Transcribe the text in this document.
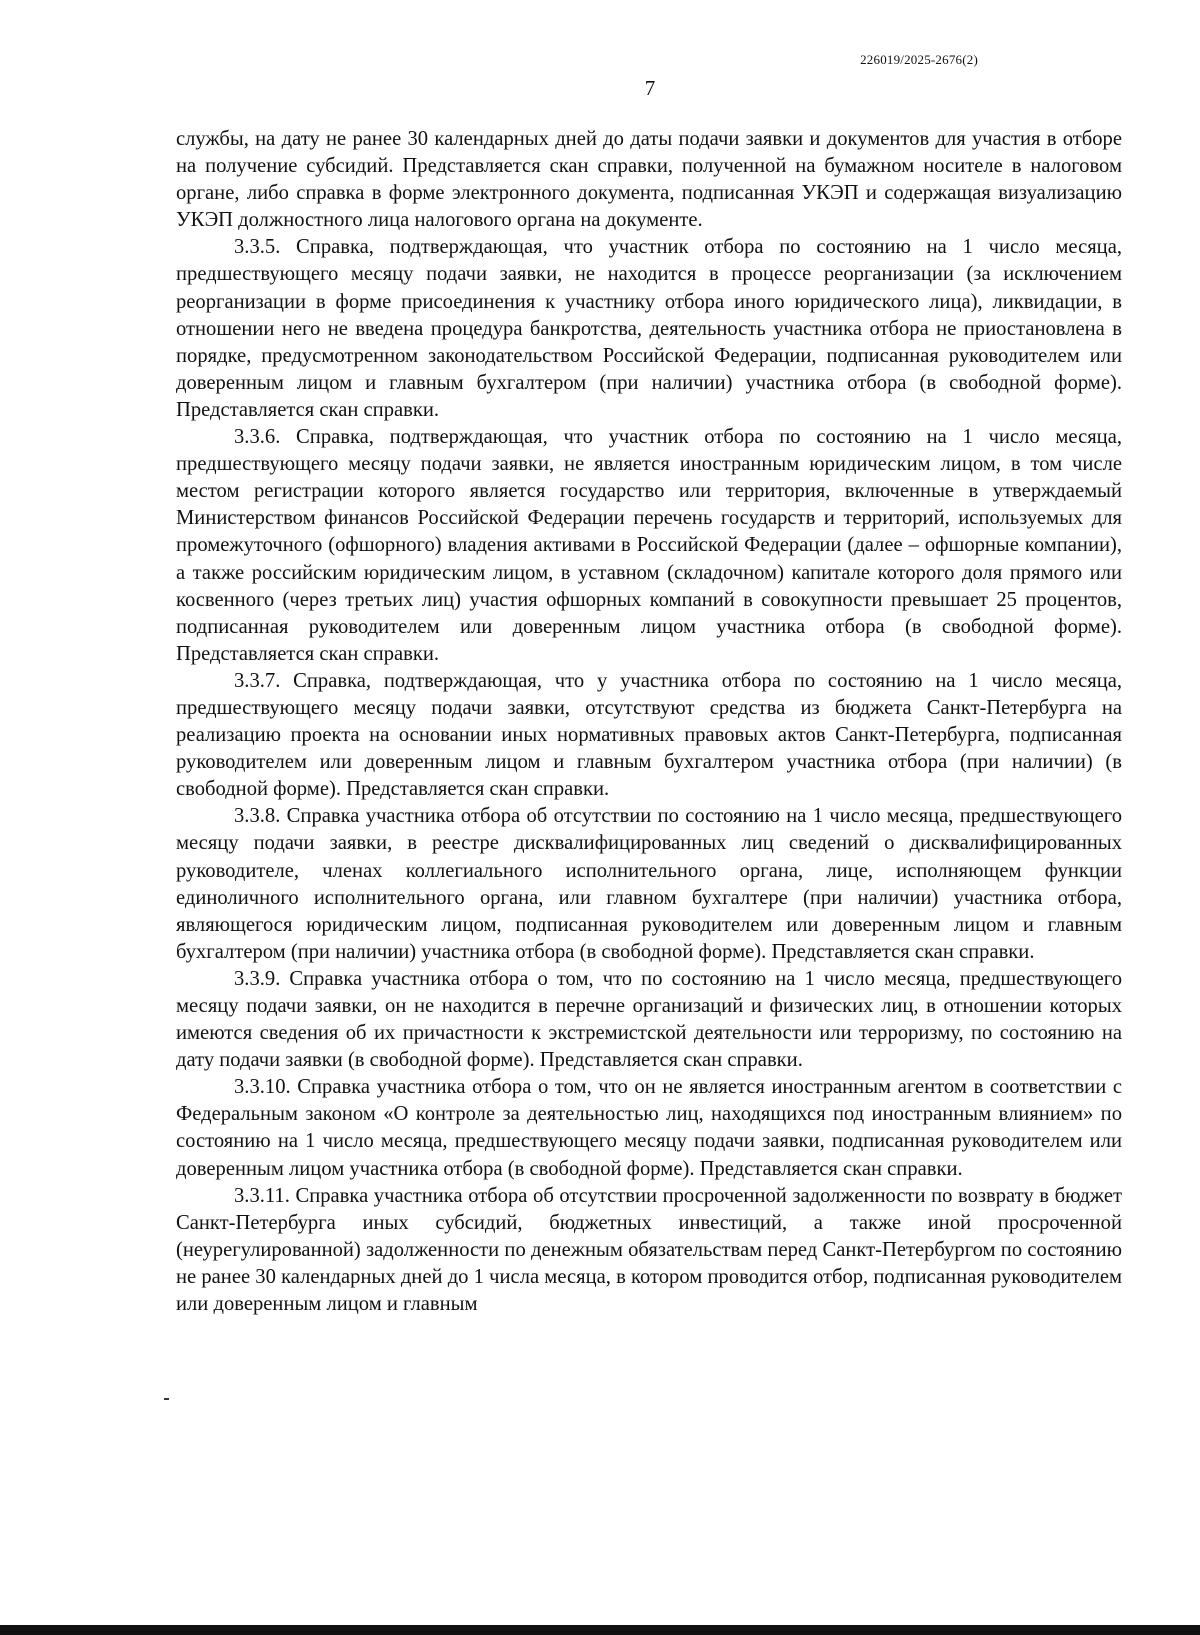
226019/2025-2676(2)
7

службы, на дату не ранее 30 календарных дней до даты подачи заявки и документов для участия в отборе на получение субсидий. Представляется скан справки, полученной на бумажном носителе в налоговом органе, либо справка в форме электронного документа, подписанная УКЭП и содержащая визуализацию УКЭП должностного лица налогового органа на документе.

3.3.5. Справка, подтверждающая, что участник отбора по состоянию на 1 число месяца, предшествующего месяцу подачи заявки, не находится в процессе реорганизации (за исключением реорганизации в форме присоединения к участнику отбора иного юридического лица), ликвидации, в отношении него не введена процедура банкротства, деятельность участника отбора не приостановлена в порядке, предусмотренном законодательством Российской Федерации, подписанная руководителем или доверенным лицом и главным бухгалтером (при наличии) участника отбора (в свободной форме). Представляется скан справки.

3.3.6. Справка, подтверждающая, что участник отбора по состоянию на 1 число месяца, предшествующего месяцу подачи заявки, не является иностранным юридическим лицом, в том числе местом регистрации которого является государство или территория, включенные в утверждаемый Министерством финансов Российской Федерации перечень государств и территорий, используемых для промежуточного (офшорного) владения активами в Российской Федерации (далее – офшорные компании), а также российским юридическим лицом, в уставном (складочном) капитале которого доля прямого или косвенного (через третьих лиц) участия офшорных компаний в совокупности превышает 25 процентов, подписанная руководителем или доверенным лицом участника отбора (в свободной форме). Представляется скан справки.

3.3.7. Справка, подтверждающая, что у участника отбора по состоянию на 1 число месяца, предшествующего месяцу подачи заявки, отсутствуют средства из бюджета Санкт-Петербурга на реализацию проекта на основании иных нормативных правовых актов Санкт-Петербурга, подписанная руководителем или доверенным лицом и главным бухгалтером участника отбора (при наличии) (в свободной форме). Представляется скан справки.

3.3.8. Справка участника отбора об отсутствии по состоянию на 1 число месяца, предшествующего месяцу подачи заявки, в реестре дисквалифицированных лиц сведений о дисквалифицированных руководителе, членах коллегиального исполнительного органа, лице, исполняющем функции единоличного исполнительного органа, или главном бухгалтере (при наличии) участника отбора, являющегося юридическим лицом, подписанная руководителем или доверенным лицом и главным бухгалтером (при наличии) участника отбора (в свободной форме). Представляется скан справки.

3.3.9. Справка участника отбора о том, что по состоянию на 1 число месяца, предшествующего месяцу подачи заявки, он не находится в перечне организаций и физических лиц, в отношении которых имеются сведения об их причастности к экстремистской деятельности или терроризму, по состоянию на дату подачи заявки (в свободной форме). Представляется скан справки.

3.3.10. Справка участника отбора о том, что он не является иностранным агентом в соответствии с Федеральным законом «О контроле за деятельностью лиц, находящихся под иностранным влиянием» по состоянию на 1 число месяца, предшествующего месяцу подачи заявки, подписанная руководителем или доверенным лицом участника отбора (в свободной форме). Представляется скан справки.

3.3.11. Справка участника отбора об отсутствии просроченной задолженности по возврату в бюджет Санкт-Петербурга иных субсидий, бюджетных инвестиций, а также иной просроченной (неурегулированной) задолженности по денежным обязательствам перед Санкт-Петербургом по состоянию не ранее 30 календарных дней до 1 числа месяца, в котором проводится отбор, подписанная руководителем или доверенным лицом и главным
